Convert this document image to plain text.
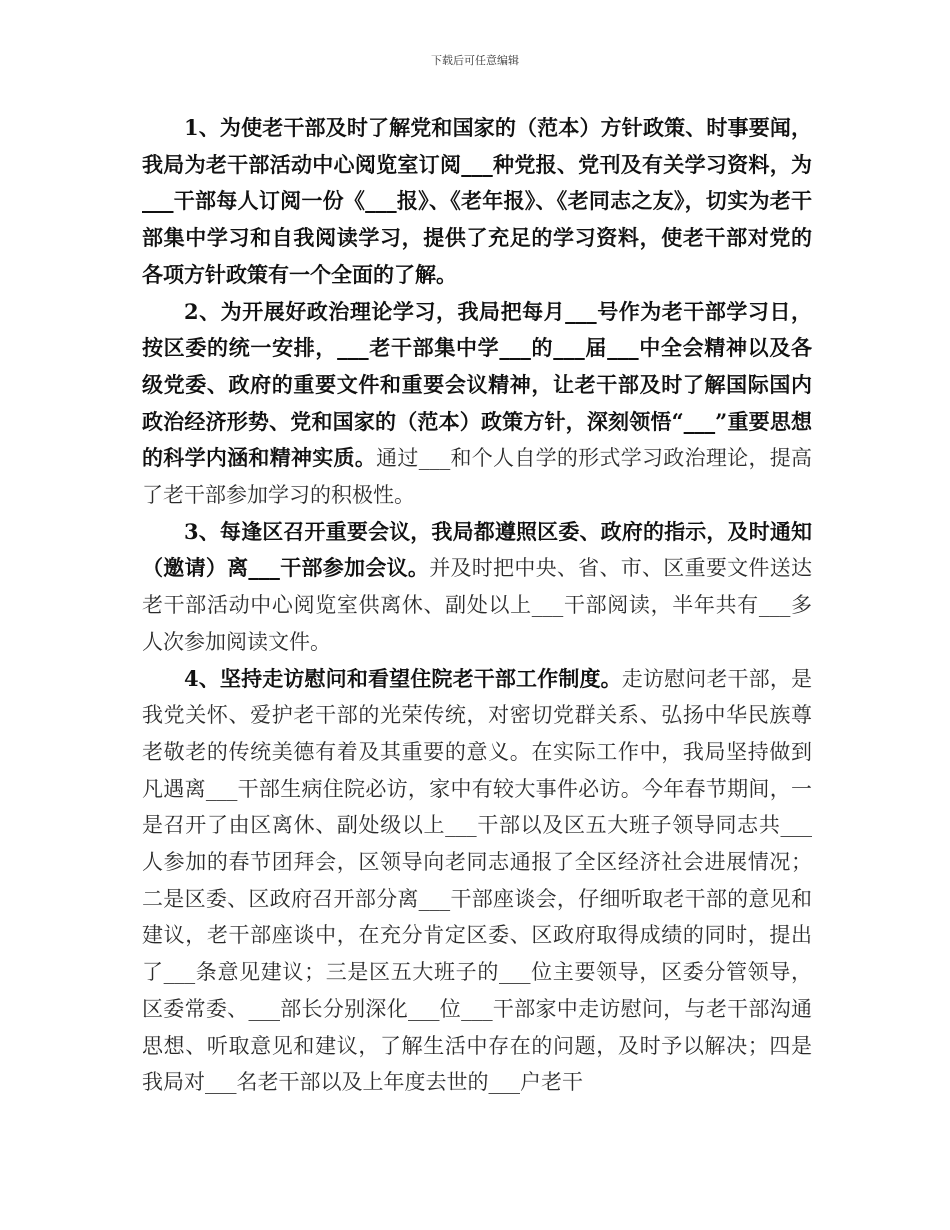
下载后可任意编辑

1、为使老干部及时了解党和国家的（范本）方针政策、时事要闻，我局为老干部活动中心阅览室订阅___种党报、党刊及有关学习资料，为___干部每人订阅一份《___报》、《老年报》、《老同志之友》，切实为老干部集中学习和自我阅读学习，提供了充足的学习资料，使老干部对党的各项方针政策有一个全面的了解。

2、为开展好政治理论学习，我局把每月___号作为老干部学习日，按区委的统一安排，___老干部集中学___的___届___中全会精神以及各级党委、政府的重要文件和重要会议精神，让老干部及时了解国际国内政治经济形势、党和国家的（范本）政策方针，深刻领悟“___”重要思想的科学内涵和精神实质。通过___和个人自学的形式学习政治理论，提高了老干部参加学习的积极性。

3、每逢区召开重要会议，我局都遵照区委、政府的指示，及时通知（邀请）离___干部参加会议。并及时把中央、省、市、区重要文件送达老干部活动中心阅览室供离休、副处以上___干部阅读，半年共有___多人次参加阅读文件。

4、坚持走访慰问和看望住院老干部工作制度。走访慰问老干部，是我党关怀、爱护老干部的光荣传统，对密切党群关系、弘扬中华民族尊老敬老的传统美德有着及其重要的意义。在实际工作中，我局坚持做到凡遇离___干部生病住院必访，家中有较大事件必访。今年春节期间，一是召开了由区离休、副处级以上___干部以及区五大班子领导同志共___人参加的春节团拜会，区领导向老同志通报了全区经济社会进展情况；二是区委、区政府召开部分离___干部座谈会，仔细听取老干部的意见和建议，老干部座谈中，在充分肯定区委、区政府取得成绩的同时，提出了___条意见建议；三是区五大班子的___位主要领导，区委分管领导，区委常委、___部长分别深化___位___干部家中走访慰问，与老干部沟通思想、听取意见和建议，了解生活中存在的问题，及时予以解决；四是我局对___名老干部以及上年度去世的___户老干
